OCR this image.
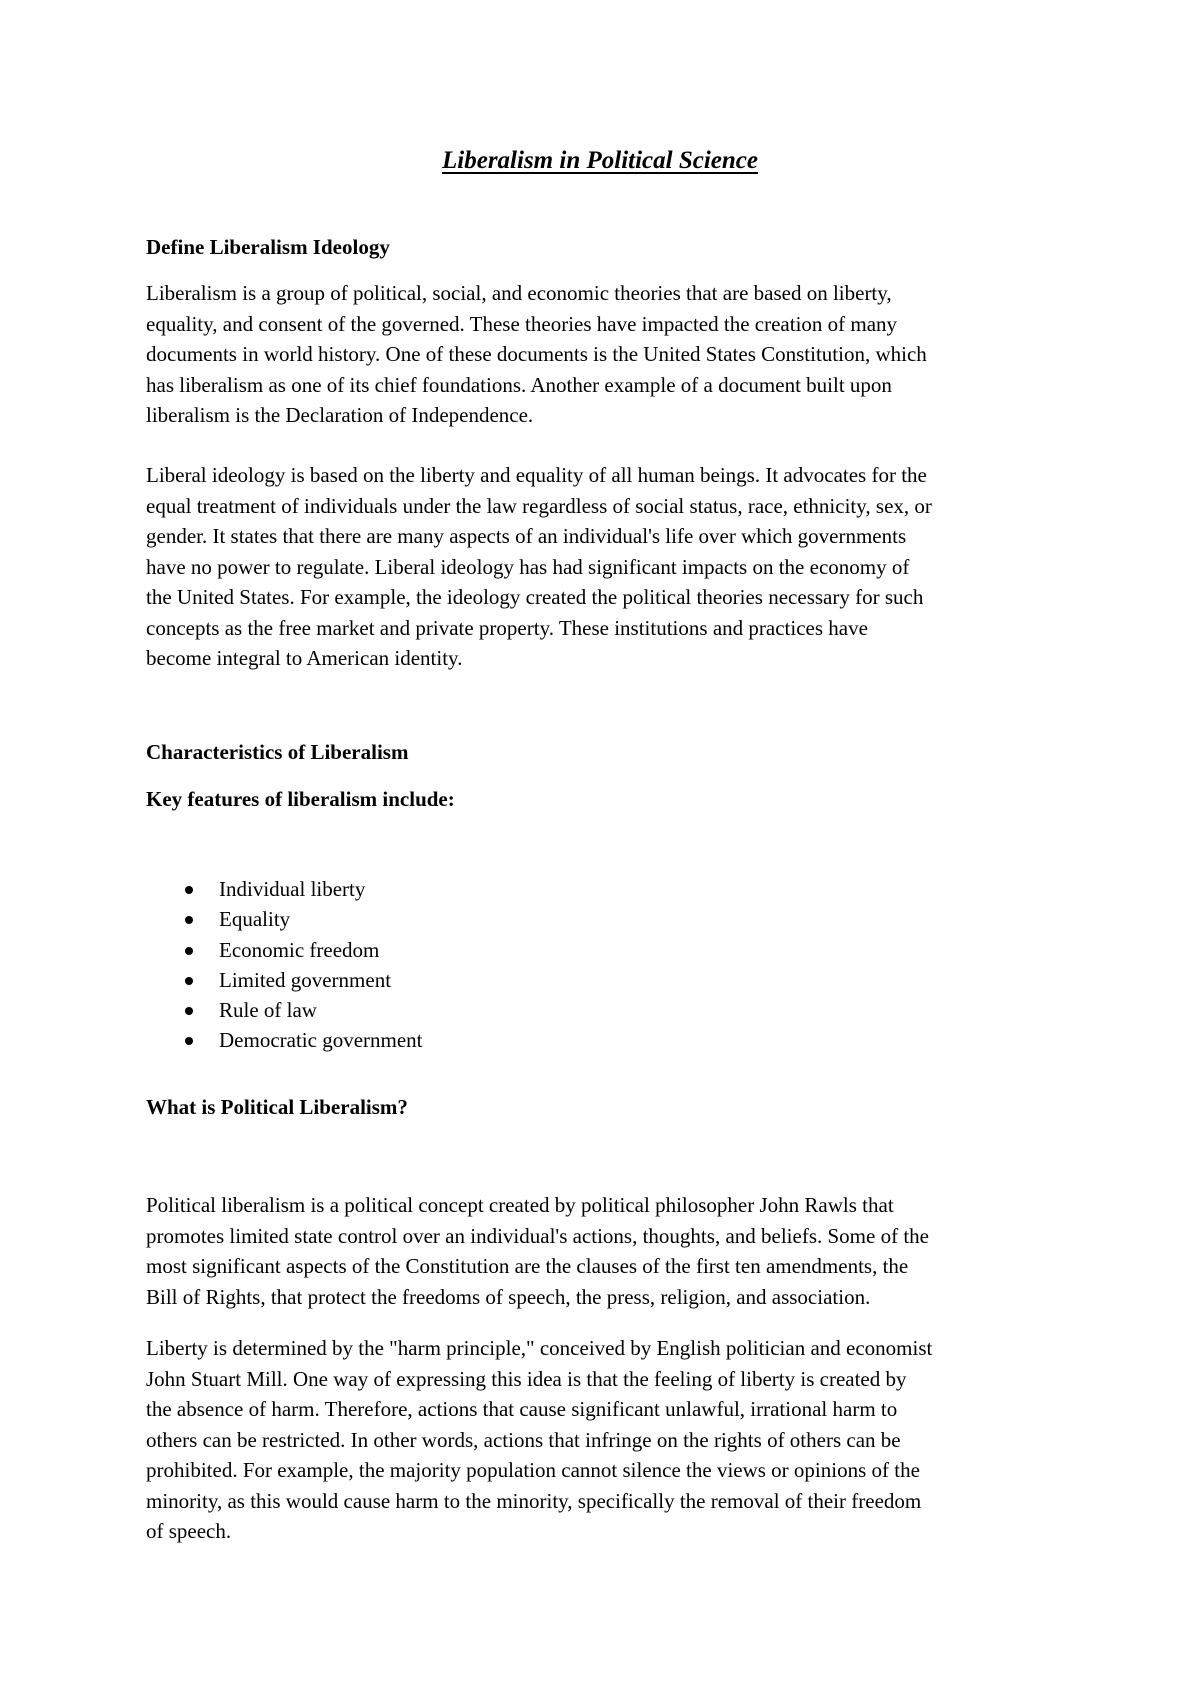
Liberalism in Political Science
Define Liberalism Ideology
Liberalism is a group of political, social, and economic theories that are based on liberty,
equality, and consent of the governed. These theories have impacted the creation of many
documents in world history. One of these documents is the United States Constitution, which
has liberalism as one of its chief foundations. Another example of a document built upon
liberalism is the Declaration of Independence.
Liberal ideology is based on the liberty and equality of all human beings. It advocates for the
equal treatment of individuals under the law regardless of social status, race, ethnicity, sex, or
gender. It states that there are many aspects of an individual's life over which governments
have no power to regulate. Liberal ideology has had significant impacts on the economy of
the United States. For example, the ideology created the political theories necessary for such
concepts as the free market and private property. These institutions and practices have
become integral to American identity.
Characteristics of Liberalism
Key features of liberalism include:
Individual liberty
Equality
Economic freedom
Limited government
Rule of law
Democratic government
What is Political Liberalism?
Political liberalism is a political concept created by political philosopher John Rawls that
promotes limited state control over an individual's actions, thoughts, and beliefs. Some of the
most significant aspects of the Constitution are the clauses of the first ten amendments, the
Bill of Rights, that protect the freedoms of speech, the press, religion, and association.
Liberty is determined by the "harm principle," conceived by English politician and economist
John Stuart Mill. One way of expressing this idea is that the feeling of liberty is created by
the absence of harm. Therefore, actions that cause significant unlawful, irrational harm to
others can be restricted. In other words, actions that infringe on the rights of others can be
prohibited. For example, the majority population cannot silence the views or opinions of the
minority, as this would cause harm to the minority, specifically the removal of their freedom
of speech.
